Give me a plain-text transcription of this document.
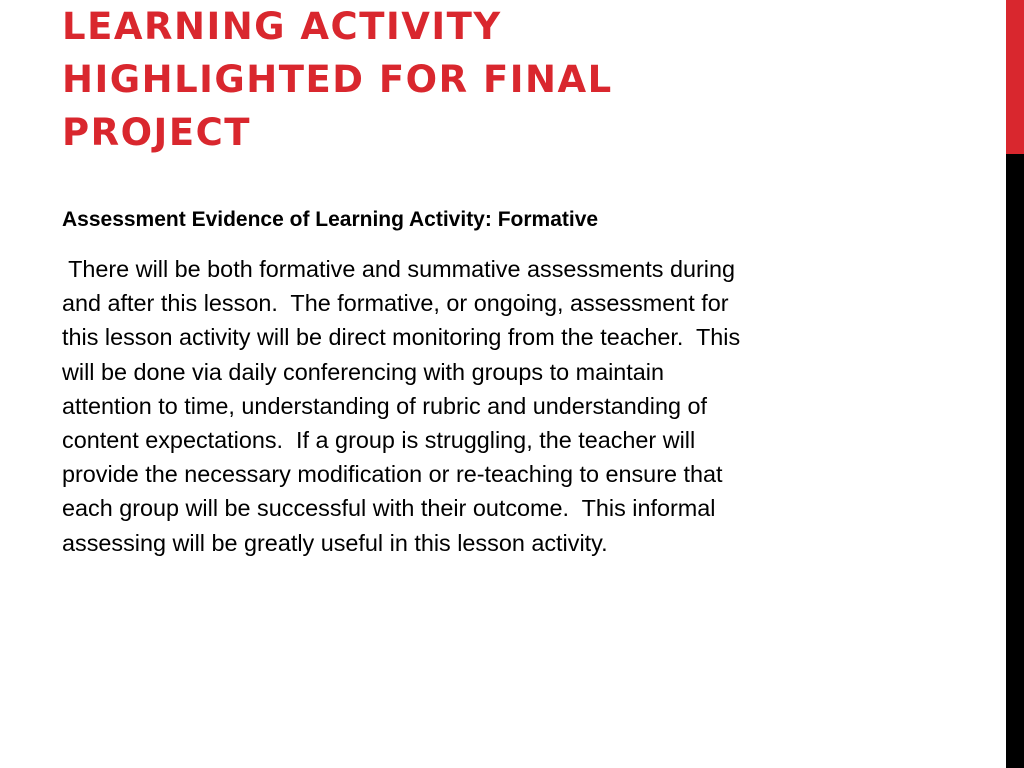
LEARNING ACTIVITY
HIGHLIGHTED FOR FINAL
PROJECT

Assessment Evidence of Learning Activity: Formative

There will be both formative and summative assessments during
and after this lesson.  The formative, or ongoing, assessment for
this lesson activity will be direct monitoring from the teacher.  This
will be done via daily conferencing with groups to maintain
attention to time, understanding of rubric and understanding of
content expectations.  If a group is struggling, the teacher will
provide the necessary modification or re-teaching to ensure that
each group will be successful with their outcome.  This informal
assessing will be greatly useful in this lesson activity.
